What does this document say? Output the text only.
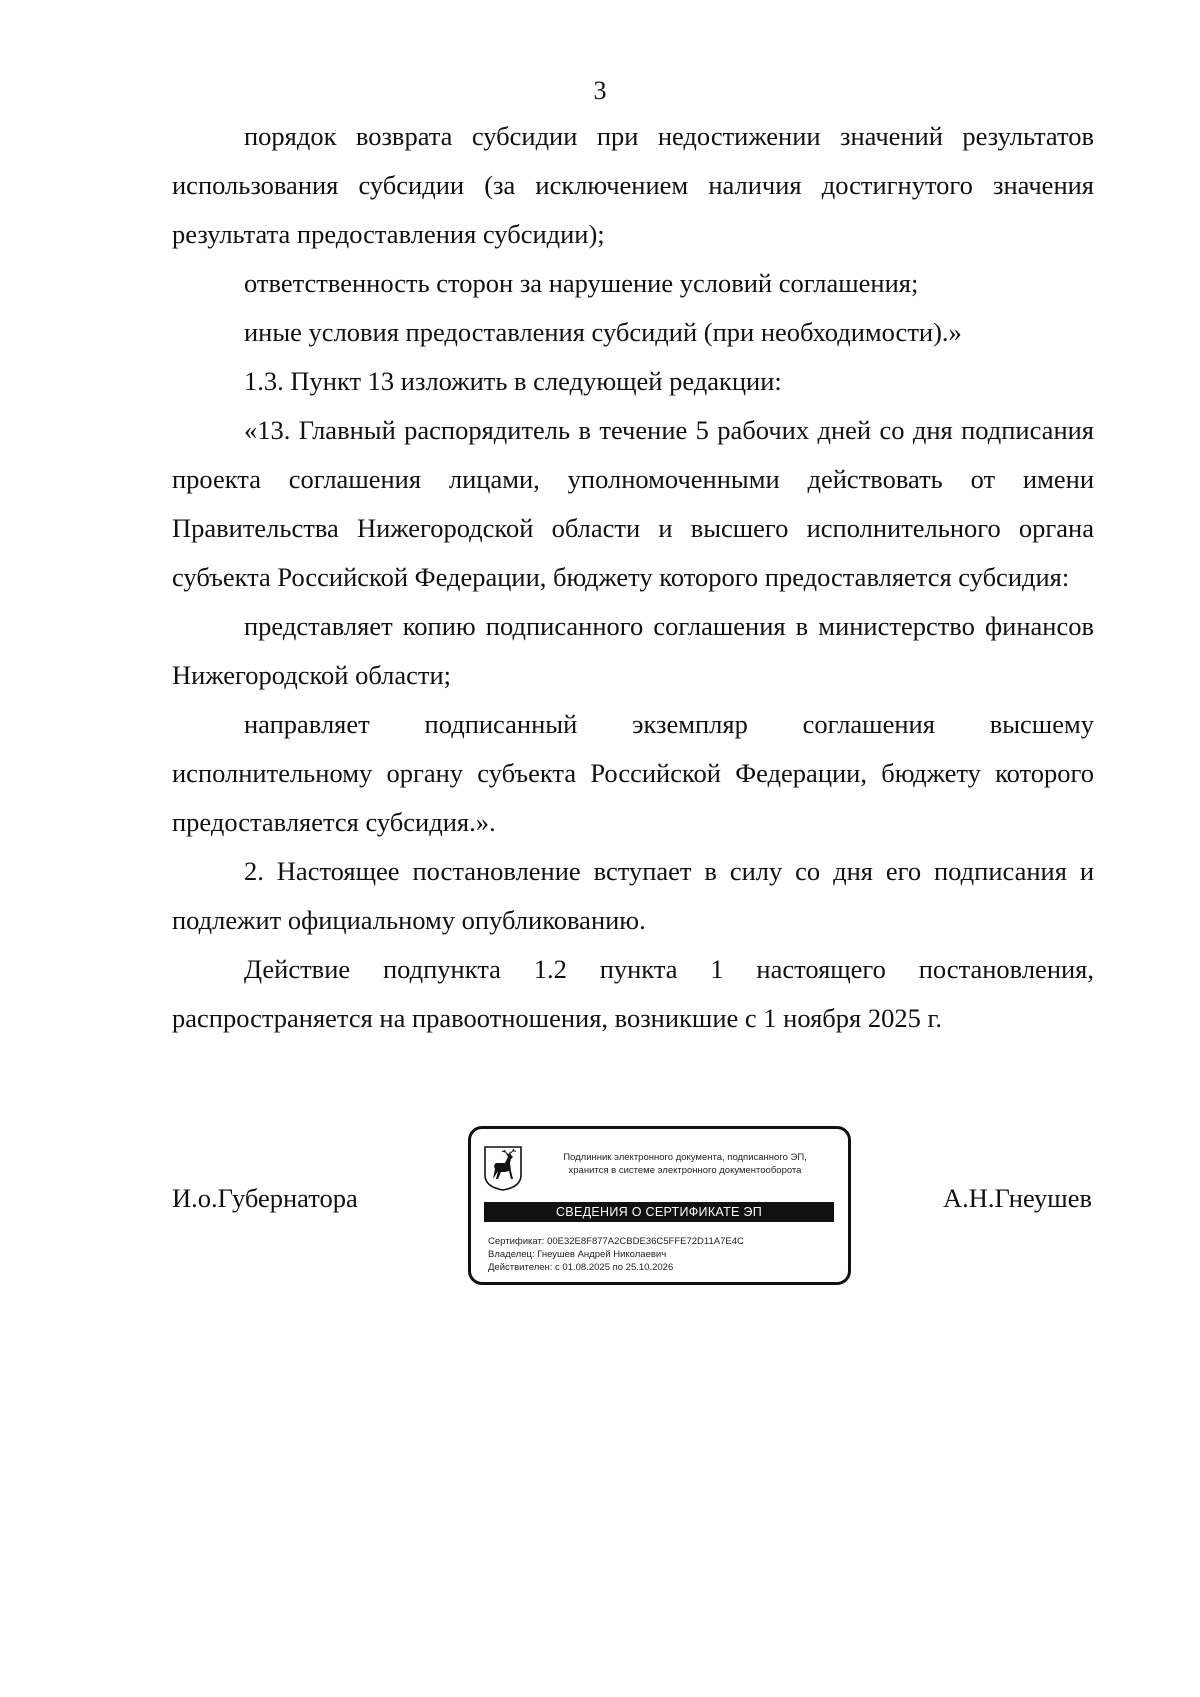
3

порядок возврата субсидии при недостижении значений результатов использования субсидии (за исключением наличия достигнутого значения результата предоставления субсидии);

ответственность сторон за нарушение условий соглашения;

иные условия предоставления субсидий (при необходимости).»

1.3. Пункт 13 изложить в следующей редакции:

«13. Главный распорядитель в течение 5 рабочих дней со дня подписания проекта соглашения лицами, уполномоченными действовать от имени Правительства Нижегородской области и высшего исполнительного органа субъекта Российской Федерации, бюджету которого предоставляется субсидия:

представляет копию подписанного соглашения в министерство финансов Нижегородской области;

направляет подписанный экземпляр соглашения высшему исполнительному органу субъекта Российской Федерации, бюджету которого предоставляется субсидия.».

2. Настоящее постановление вступает в силу со дня его подписания и подлежит официальному опубликованию.

Действие подпункта 1.2 пункта 1 настоящего постановления, распространяется на правоотношения, возникшие с 1 ноября 2025 г.

И.о.Губернатора	А.Н.Гнеушев
Подлинник электронного документа, подписанного ЭП,
хранится в системе электронного документооборота
СВЕДЕНИЯ О СЕРТИФИКАТЕ ЭП
Сертификат: 00E32E8F877A2CBDE36C5FFE72D11A7E4C
Владелец: Гнеушев Андрей Николаевич
Действителен: с 01.08.2025 по 25.10.2026
